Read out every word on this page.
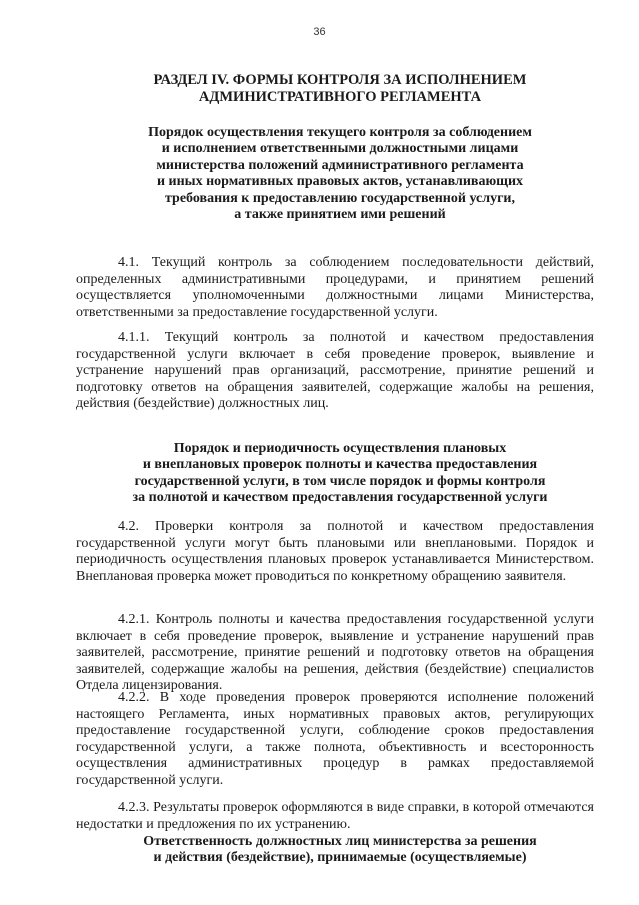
36
РАЗДЕЛ IV. ФОРМЫ КОНТРОЛЯ ЗА ИСПОЛНЕНИЕМ
АДМИНИСТРАТИВНОГО РЕГЛАМЕНТА
Порядок осуществления текущего контроля за соблюдением
и исполнением ответственными должностными лицами
министерства положений административного регламента
и иных нормативных правовых актов, устанавливающих
требования к предоставлению государственной услуги,
а также принятием ими решений

4.1. Текущий контроль за соблюдением последовательности действий, определенных административными процедурами, и принятием решений осуществляется уполномоченными должностными лицами Министерства, ответственными за предоставление государственной услуги.

4.1.1. Текущий контроль за полнотой и качеством предоставления государственной услуги включает в себя проведение проверок, выявление и устранение нарушений прав организаций, рассмотрение, принятие решений и подготовку ответов на обращения заявителей, содержащие жалобы на решения, действия (бездействие) должностных лиц.

Порядок и периодичность осуществления плановых
и внеплановых проверок полноты и качества предоставления
государственной услуги, в том числе порядок и формы контроля
за полнотой и качеством предоставления государственной услуги

4.2. Проверки контроля за полнотой и качеством предоставления государственной услуги могут быть плановыми или внеплановыми. Порядок и периодичность осуществления плановых проверок устанавливается Министерством. Внеплановая проверка может проводиться по конкретному обращению заявителя.

4.2.1. Контроль полноты и качества предоставления государственной услуги включает в себя проведение проверок, выявление и устранение нарушений прав заявителей, рассмотрение, принятие решений и подготовку ответов на обращения заявителей, содержащие жалобы на решения, действия (бездействие) специалистов Отдела лицензирования.

4.2.2. В ходе проведения проверок проверяются исполнение положений настоящего Регламента, иных нормативных правовых актов, регулирующих предоставление государственной услуги, соблюдение сроков предоставления государственной услуги, а также полнота, объективность и всесторонность осуществления административных процедур в рамках предоставляемой государственной услуги.

4.2.3. Результаты проверок оформляются в виде справки, в которой отмечаются недостатки и предложения по их устранению.

Ответственность должностных лиц министерства за решения
и действия (бездействие), принимаемые (осуществляемые)
